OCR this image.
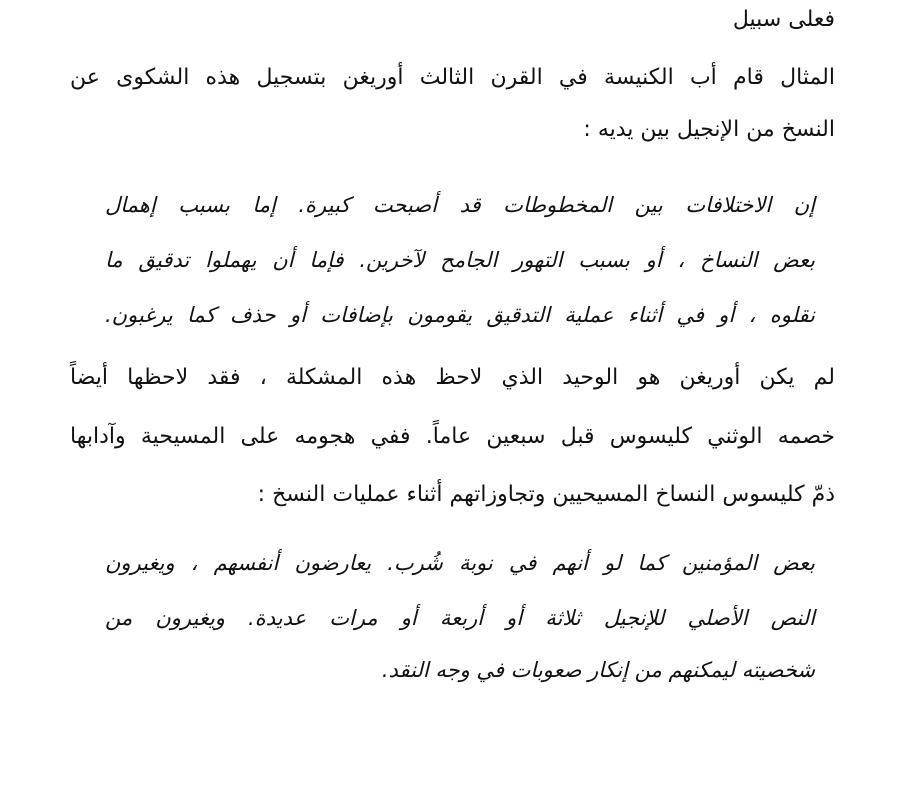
فعلى سبيل
المثال قام أب الكنيسة في القرن الثالث أوريغن بتسجيل هذه الشكوى عن
النسخ من الإنجيل بين يديه :
إن الاختلافات بين المخطوطات قد أصبحت كبيرة. إما بسبب إهمال
بعض النساخ ، أو بسبب التهور الجامح لآخرين. فإما أن يهملوا تدقيق ما
نقلوه ، أو في أثناء عملية التدقيق يقومون بإضافات أو حذف كما يرغبون.
لم يكن أوريغن هو الوحيد الذي لاحظ هذه المشكلة ، فقد لاحظها أيضاً
خصمه الوثني كليسوس قبل سبعين عاماً. ففي هجومه على المسيحية وآدابها
ذمّ كليسوس النساخ المسيحيين وتجاوزاتهم أثناء عمليات النسخ :
بعض المؤمنين كما لو أنهم في نوبة شُرب. يعارضون أنفسهم ، ويغيرون
النص الأصلي للإنجيل ثلاثة أو أربعة أو مرات عديدة. ويغيرون من
شخصيته ليمكنهم من إنكار صعوبات في وجه النقد.
